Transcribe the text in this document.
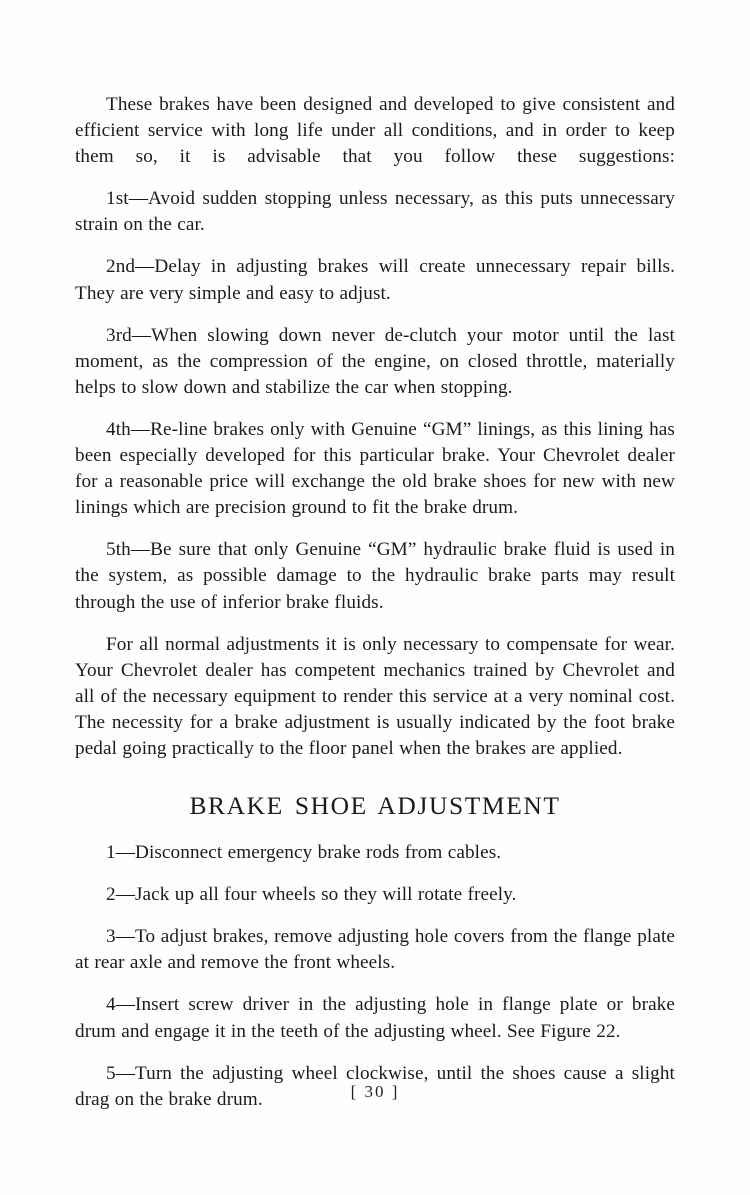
These brakes have been designed and developed to give consistent and efficient service with long life under all conditions, and in order to keep them so, it is advisable that you follow these suggestions:

1st—Avoid sudden stopping unless necessary, as this puts unnecessary strain on the car.

2nd—Delay in adjusting brakes will create unnecessary repair bills. They are very simple and easy to adjust.

3rd—When slowing down never de-clutch your motor until the last moment, as the compression of the engine, on closed throttle, materially helps to slow down and stabilize the car when stopping.

4th—Re-line brakes only with Genuine “GM” linings, as this lining has been especially developed for this particular brake. Your Chevrolet dealer for a reasonable price will exchange the old brake shoes for new with new linings which are precision ground to fit the brake drum.

5th—Be sure that only Genuine “GM” hydraulic brake fluid is used in the system, as possible damage to the hydraulic brake parts may result through the use of inferior brake fluids.

For all normal adjustments it is only necessary to compensate for wear. Your Chevrolet dealer has competent mechanics trained by Chevrolet and all of the necessary equipment to render this service at a very nominal cost. The necessity for a brake adjustment is usually indicated by the foot brake pedal going practically to the floor panel when the brakes are applied.

BRAKE SHOE ADJUSTMENT

1—Disconnect emergency brake rods from cables.

2—Jack up all four wheels so they will rotate freely.

3—To adjust brakes, remove adjusting hole covers from the flange plate at rear axle and remove the front wheels.

4—Insert screw driver in the adjusting hole in flange plate or brake drum and engage it in the teeth of the adjusting wheel. See Figure 22.

5—Turn the adjusting wheel clockwise, until the shoes cause a slight drag on the brake drum.	[ 30 ]
